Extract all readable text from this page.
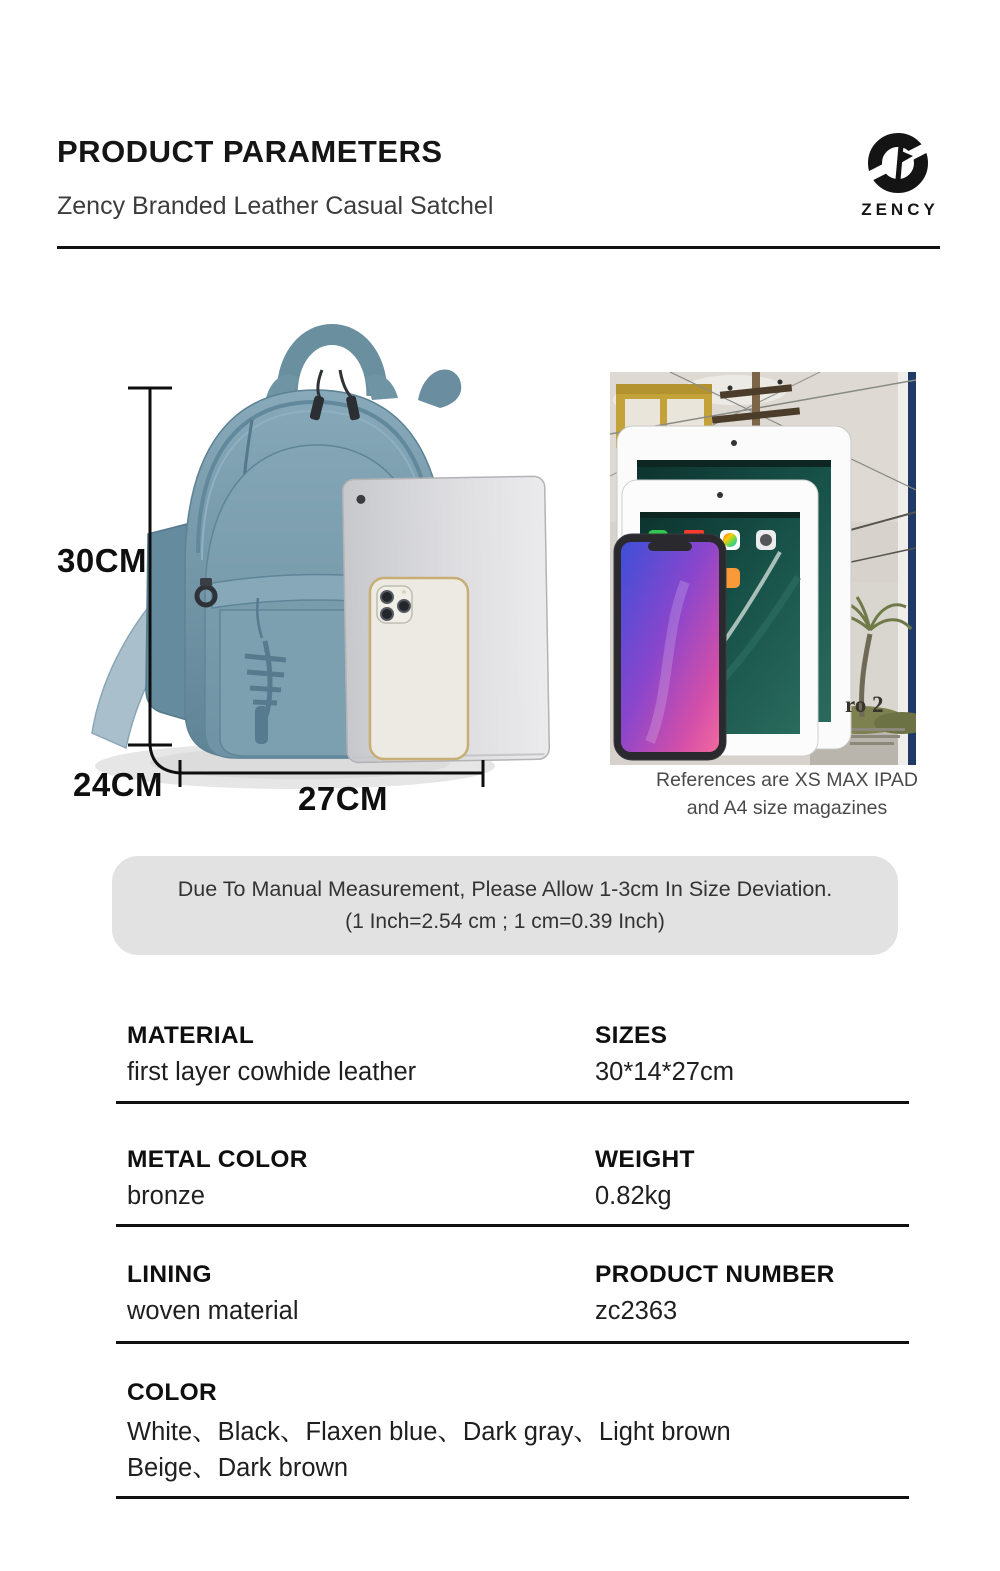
PRODUCT PARAMETERS
Zency Branded Leather Casual Satchel	ZENCY
30CM
24CM	27CM
ro 2
References are XS MAX IPAD
and A4 size magazines
Due To Manual Measurement, Please Allow 1-3cm In Size Deviation.
(1 Inch=2.54 cm ; 1 cm=0.39 Inch)
MATERIAL
first layer cowhide leather
SIZES
30*14*27cm
METAL COLOR
bronze
WEIGHT
0.82kg
LINING
woven material
PRODUCT NUMBER
zc2363
COLOR
White、Black、Flaxen blue、Dark gray、Light brown
Beige、Dark brown
